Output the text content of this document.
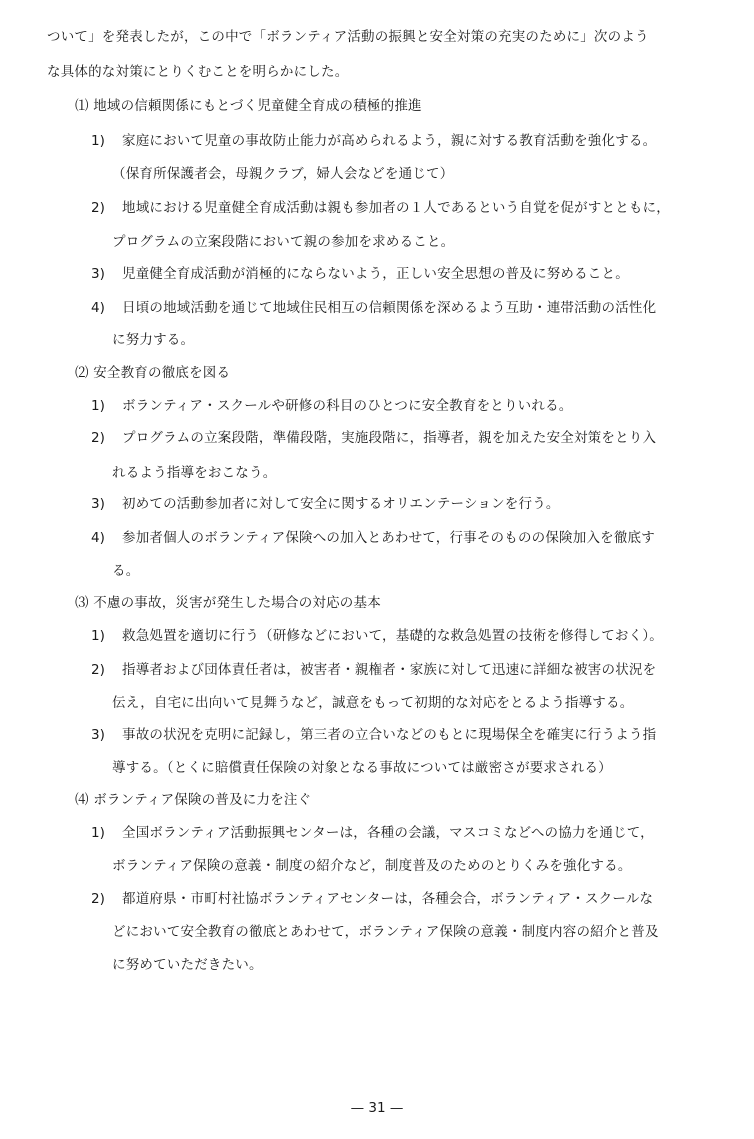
ついて」を発表したが，この中で「ボランティア活動の振興と安全対策の充実のために」次のよう
な具体的な対策にとりくむことを明らかにした。
⑴ 地域の信頼関係にもとづく児童健全育成の積極的推進
1) 家庭において児童の事故防止能力が高められるよう，親に対する教育活動を強化する。
（保育所保護者会，母親クラブ，婦人会などを通じて）
2) 地域における児童健全育成活動は親も参加者の１人であるという自覚を促がすとともに，
プログラムの立案段階において親の参加を求めること。
3) 児童健全育成活動が消極的にならないよう，正しい安全思想の普及に努めること。
4) 日頃の地域活動を通じて地域住民相互の信頼関係を深めるよう互助・連帯活動の活性化
に努力する。
⑵ 安全教育の徹底を図る
1) ボランティア・スクールや研修の科目のひとつに安全教育をとりいれる。
2) プログラムの立案段階，準備段階，実施段階に，指導者，親を加えた安全対策をとり入
れるよう指導をおこなう。
3) 初めての活動参加者に対して安全に関するオリエンテーションを行う。
4) 参加者個人のボランティア保険への加入とあわせて，行事そのものの保険加入を徹底す
る。
⑶ 不慮の事故，災害が発生した場合の対応の基本
1) 救急処置を適切に行う（研修などにおいて，基礎的な救急処置の技術を修得しておく）。
2) 指導者および団体責任者は，被害者・親権者・家族に対して迅速に詳細な被害の状況を
伝え，自宅に出向いて見舞うなど，誠意をもって初期的な対応をとるよう指導する。
3) 事故の状況を克明に記録し，第三者の立合いなどのもとに現場保全を確実に行うよう指
導する。（とくに賠償責任保険の対象となる事故については厳密さが要求される）
⑷ ボランティア保険の普及に力を注ぐ
1) 全国ボランティア活動振興センターは，各種の会議，マスコミなどへの協力を通じて，
ボランティア保険の意義・制度の紹介など，制度普及のためのとりくみを強化する。
2) 都道府県・市町村社協ボランティアセンターは，各種会合，ボランティア・スクールな
どにおいて安全教育の徹底とあわせて，ボランティア保険の意義・制度内容の紹介と普及
に努めていただきたい。
— 31 —
